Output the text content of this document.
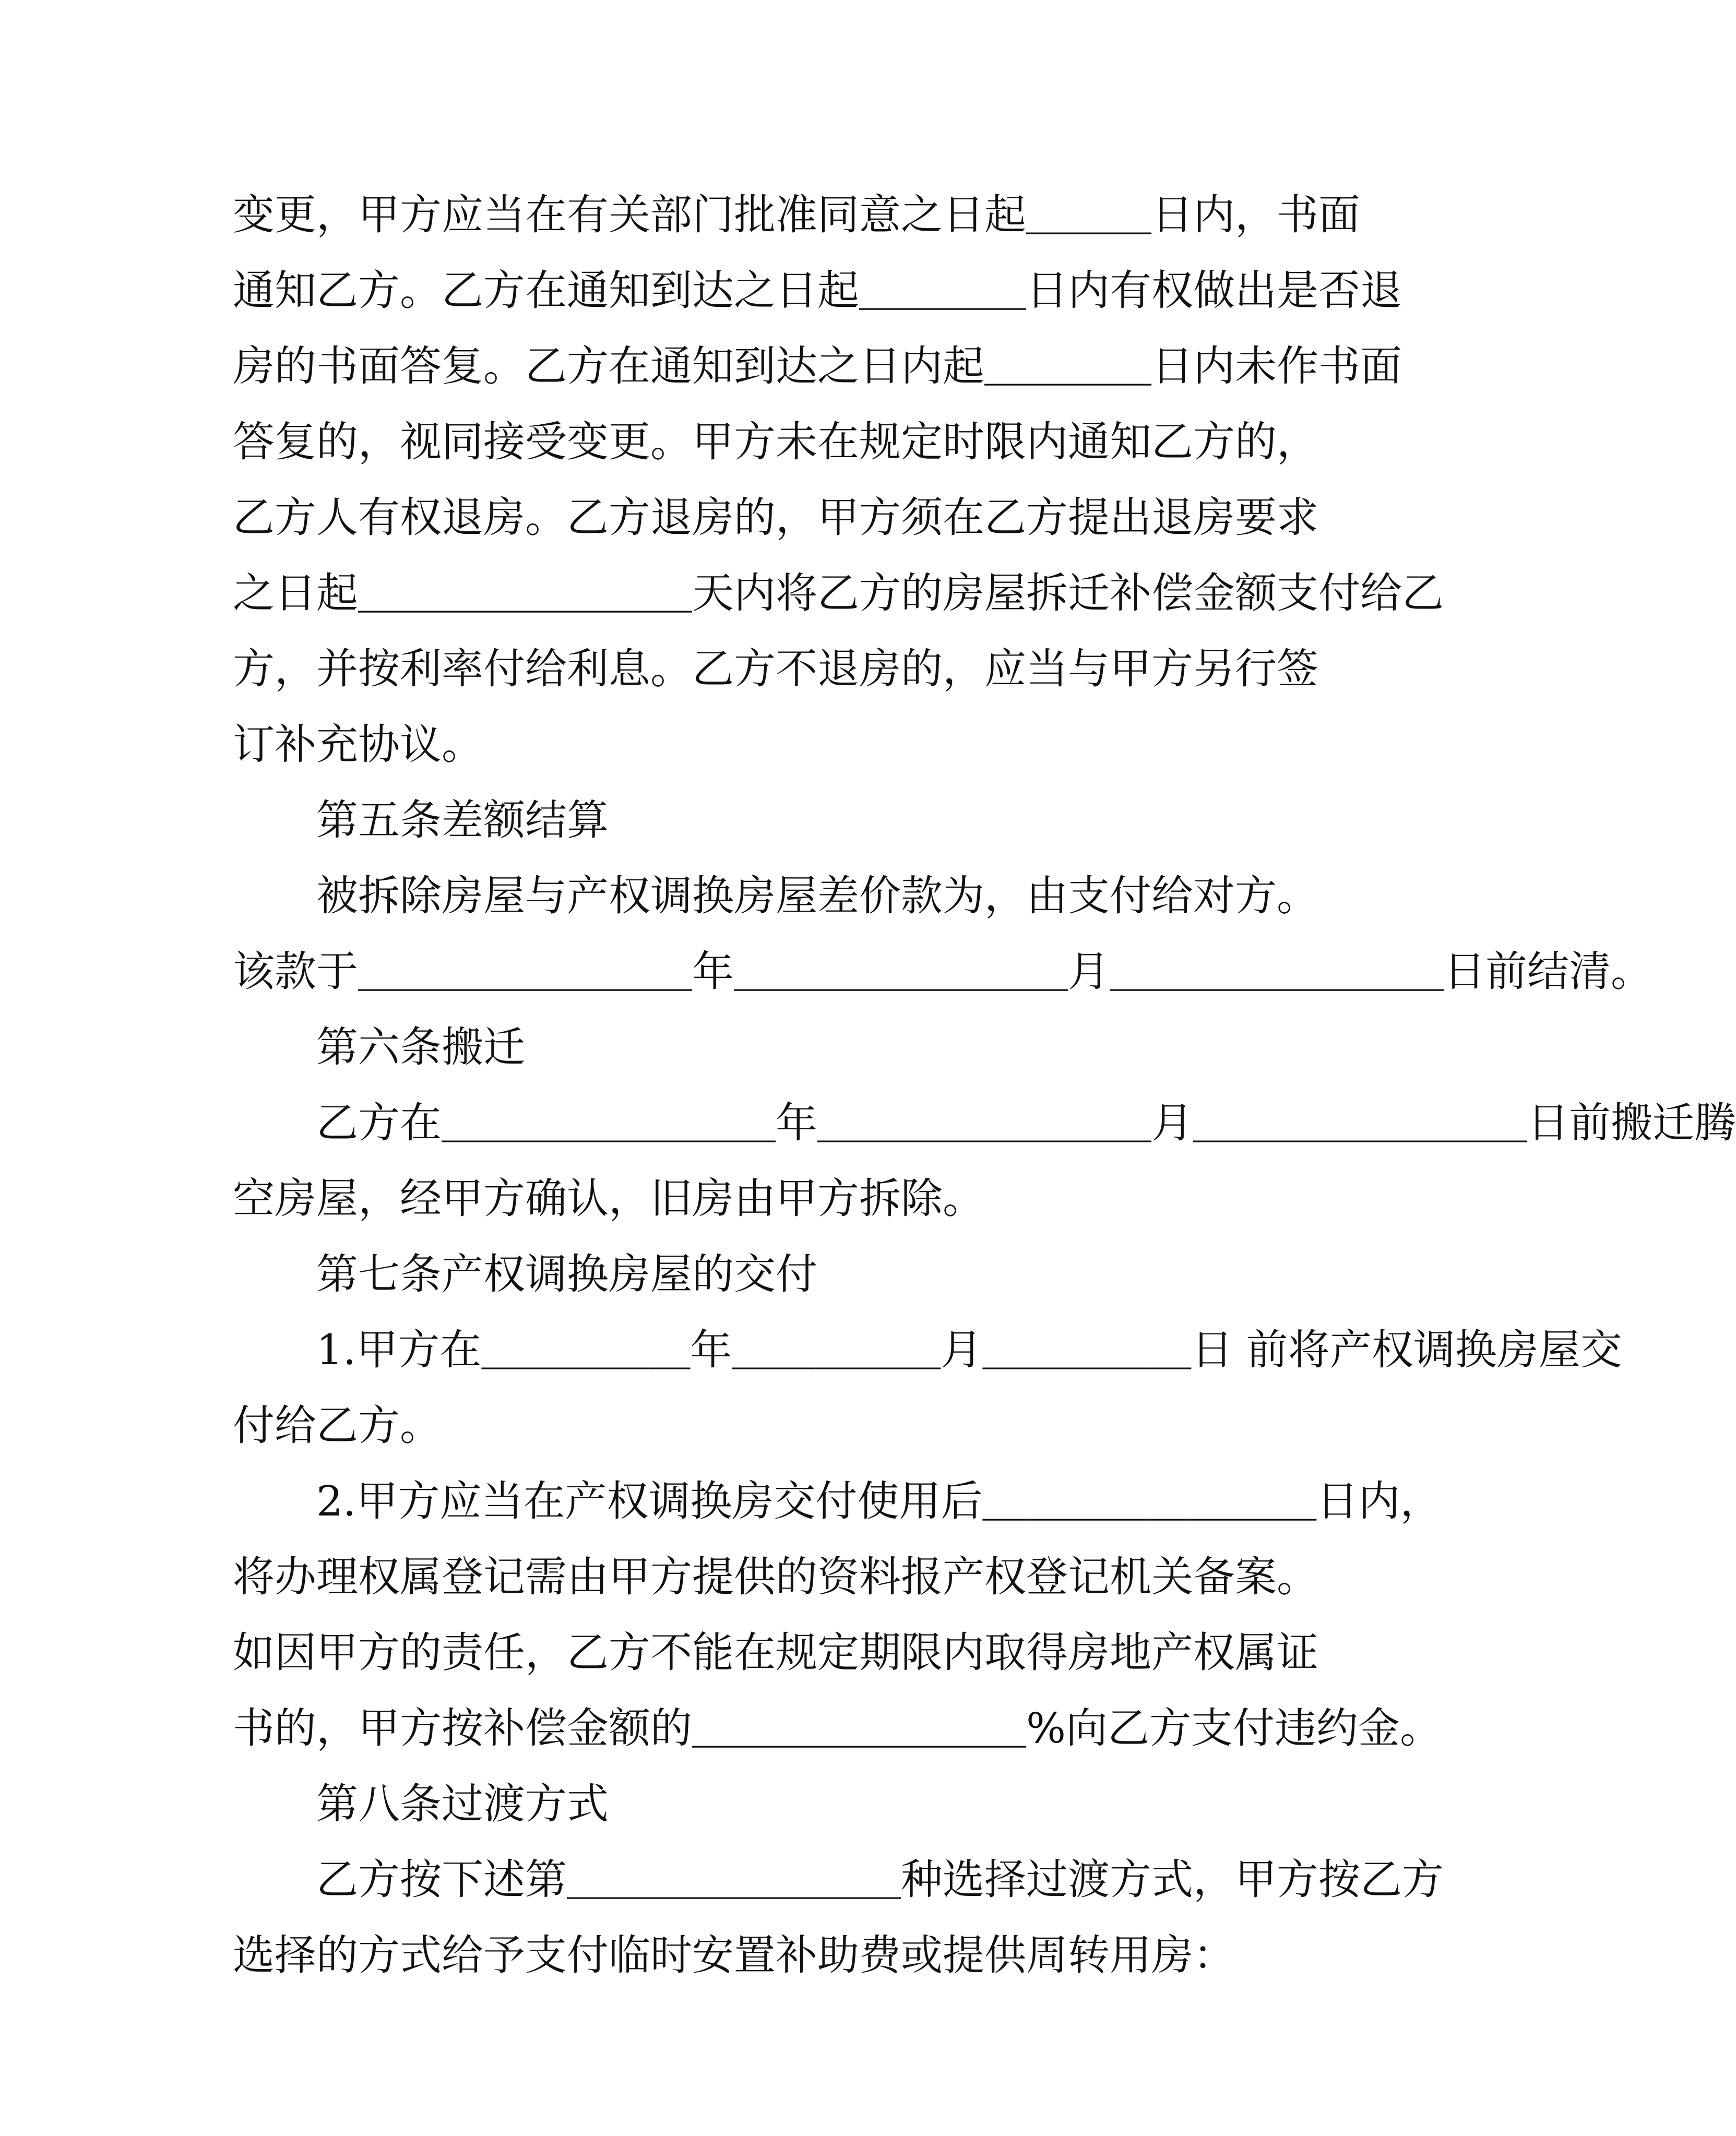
变更，甲方应当在有关部门批准同意之日起＿＿＿日内，书面
通知乙方。乙方在通知到达之日起＿＿＿＿日内有权做出是否退
房的书面答复。乙方在通知到达之日内起＿＿＿＿日内未作书面
答复的，视同接受变更。甲方未在规定时限内通知乙方的，
乙方人有权退房。乙方退房的，甲方须在乙方提出退房要求
之日起＿＿＿＿＿＿＿＿天内将乙方的房屋拆迁补偿金额支付给乙
方，并按利率付给利息。乙方不退房的，应当与甲方另行签
订补充协议。
第五条差额结算
被拆除房屋与产权调换房屋差价款为，由支付给对方。
该款于＿＿＿＿＿＿＿＿年＿＿＿＿＿＿＿＿月＿＿＿＿＿＿＿＿日前结清。
第六条搬迁
乙方在＿＿＿＿＿＿＿＿年＿＿＿＿＿＿＿＿月＿＿＿＿＿＿＿＿日前搬迁腾
空房屋，经甲方确认，旧房由甲方拆除。
第七条产权调换房屋的交付
1.甲方在＿＿＿＿＿年＿＿＿＿＿月＿＿＿＿＿日 前将产权调换房屋交
付给乙方。
2.甲方应当在产权调换房交付使用后＿＿＿＿＿＿＿＿日内，
将办理权属登记需由甲方提供的资料报产权登记机关备案。
如因甲方的责任，乙方不能在规定期限内取得房地产权属证
书的，甲方按补偿金额的＿＿＿＿＿＿＿＿%向乙方支付违约金。
第八条过渡方式
乙方按下述第＿＿＿＿＿＿＿＿种选择过渡方式，甲方按乙方
选择的方式给予支付临时安置补助费或提供周转用房：
